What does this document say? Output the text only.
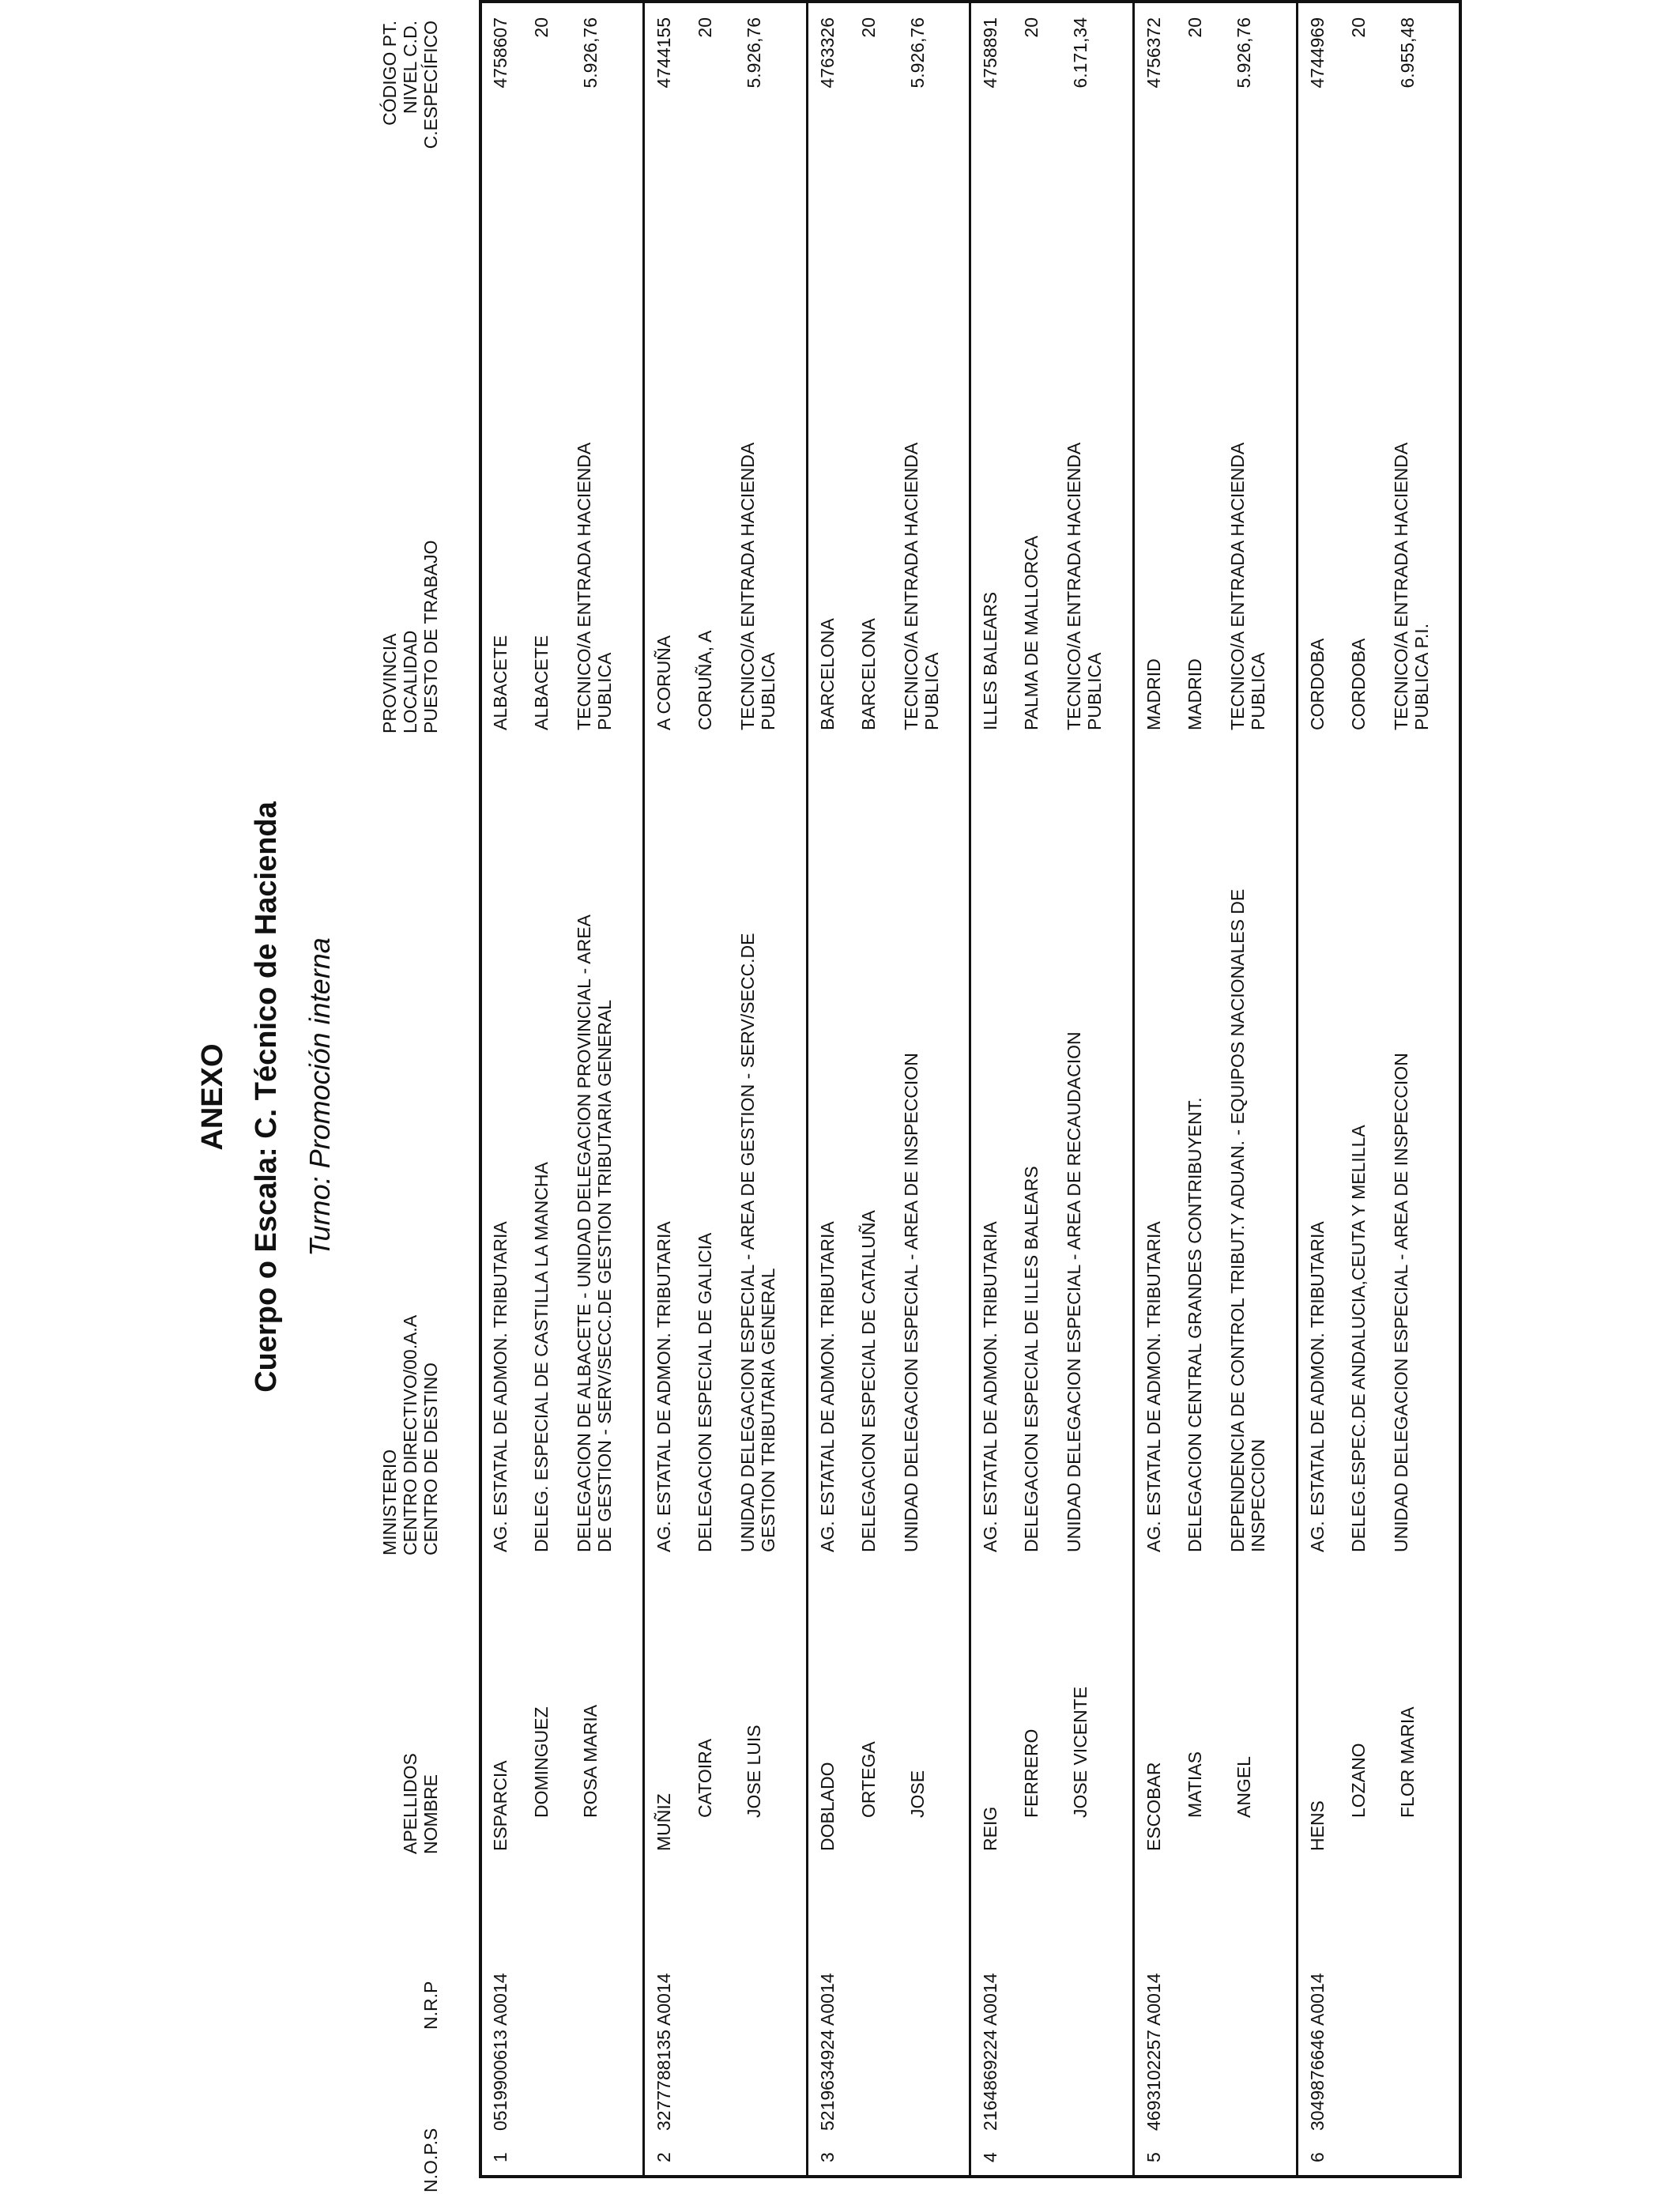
ANEXO Cuerpo o Escala: C. Técnico de Hacienda Turno: Promoción interna
N.O.P.S
N.R.P
APELLIDOS NOMBRE
MINISTERIO CENTRO DIRECTIVO/00.A.A CENTRO DE DESTINO
PROVINCIA LOCALIDAD PUESTO DE TRABAJO
CÓDIGO PT. NIVEL C.D. C.ESPECÍFICO
1
0519900613 A0014
ESPARCIA DOMINGUEZ ROSA MARIA
AG. ESTATAL DE ADMON. TRIBUTARIA DELEG. ESPECIAL DE CASTILLA LA MANCHA DELEGACION DE ALBACETE - UNIDAD DELEGACION PROVINCIAL - AREA DE GESTION - SERV/SECC.DE GESTION TRIBUTARIA GENERAL
ALBACETE ALBACETE TECNICO/A ENTRADA HACIENDA PUBLICA
4758607 20 5.926,76
2
3277788135 A0014
MUÑIZ
CATOIRA JOSE LUIS
AG. ESTATAL DE ADMON. TRIBUTARIA DELEGACION ESPECIAL DE GALICIA UNIDAD DELEGACION ESPECIAL - AREA DE GESTION - SERV/SECC.DE GESTION TRIBUTARIA GENERAL
A CORUÑA CORUÑA, A TECNICO/A ENTRADA HACIENDA PUBLICA
4744155 20 5.926,76
3
5219634924 A0014
DOBLADO ORTEGA JOSE
AG. ESTATAL DE ADMON. TRIBUTARIA DELEGACION ESPECIAL DE CATALUÑA UNIDAD DELEGACION ESPECIAL - AREA DE INSPECCION
BARCELONA BARCELONA TECNICO/A ENTRADA HACIENDA PUBLICA
4763326 20 5.926,76
4
2164869224 A0014
REIG
FERRERO JOSE VICENTE
AG. ESTATAL DE ADMON. TRIBUTARIA DELEGACION ESPECIAL DE ILLES BALEARS UNIDAD DELEGACION ESPECIAL - AREA DE RECAUDACION
ILLES BALEARS PALMA DE MALLORCA TECNICO/A ENTRADA HACIENDA PUBLICA
4758891 20 6.171,34
5
4693102257 A0014
ESCOBAR MATIAS ANGEL
AG. ESTATAL DE ADMON. TRIBUTARIA DELEGACION CENTRAL GRANDES CONTRIBUYENT. DEPENDENCIA DE CONTROL TRIBUT.Y ADUAN. - EQUIPOS NACIONALES DE INSPECCION
MADRID MADRID TECNICO/A ENTRADA HACIENDA PUBLICA
4756372 20 5.926,76
6
3049876646 A0014
HENS
LOZANO FLOR MARIA
AG. ESTATAL DE ADMON. TRIBUTARIA DELEG.ESPEC.DE ANDALUCIA,CEUTA Y MELILLA UNIDAD DELEGACION ESPECIAL - AREA DE INSPECCION
CORDOBA CORDOBA TECNICO/A ENTRADA HACIENDA PUBLICA P.I.
4744969 20 6.955,48
